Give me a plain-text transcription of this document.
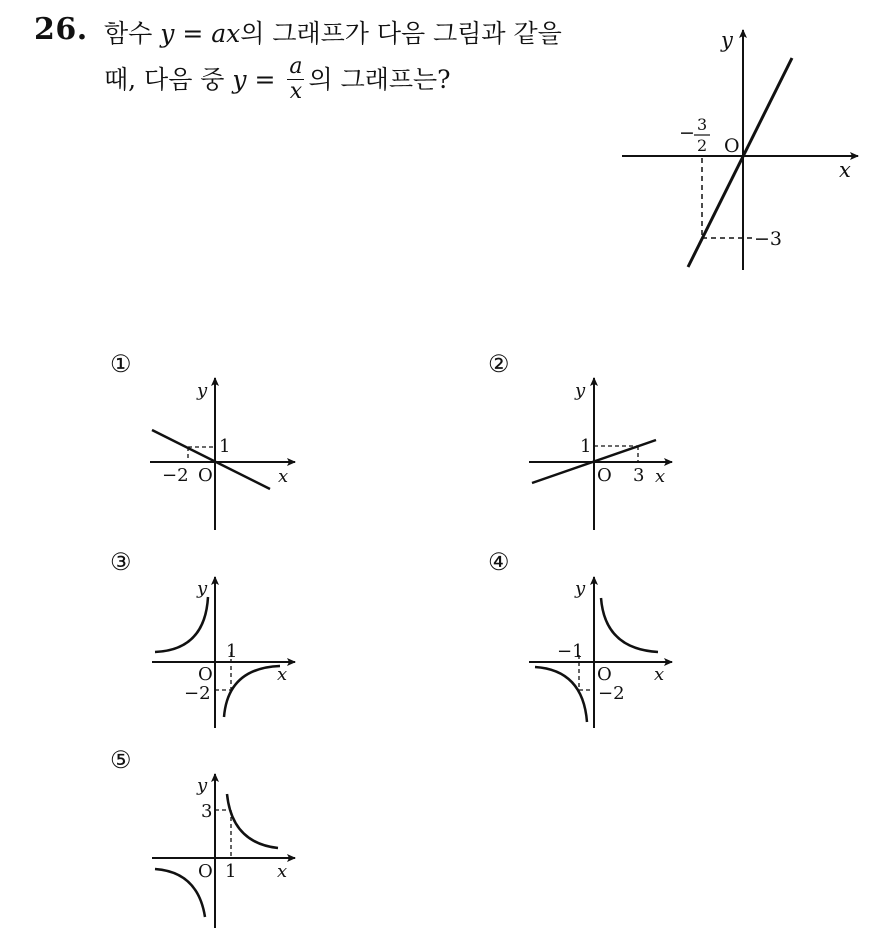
26. 함수 y = ax의 그래프가 다음 그림과 같을
때, 다음 중 $y = \frac{a}{x}$ 의 그래프는?
x
y
O
− 3
2
−3
①	②
③	④
⑤
x
y
O
−2
1
x
y
O 3
1
x
y
O
1
−2
x
y
O
−1
−2
x
y
O 1
3
